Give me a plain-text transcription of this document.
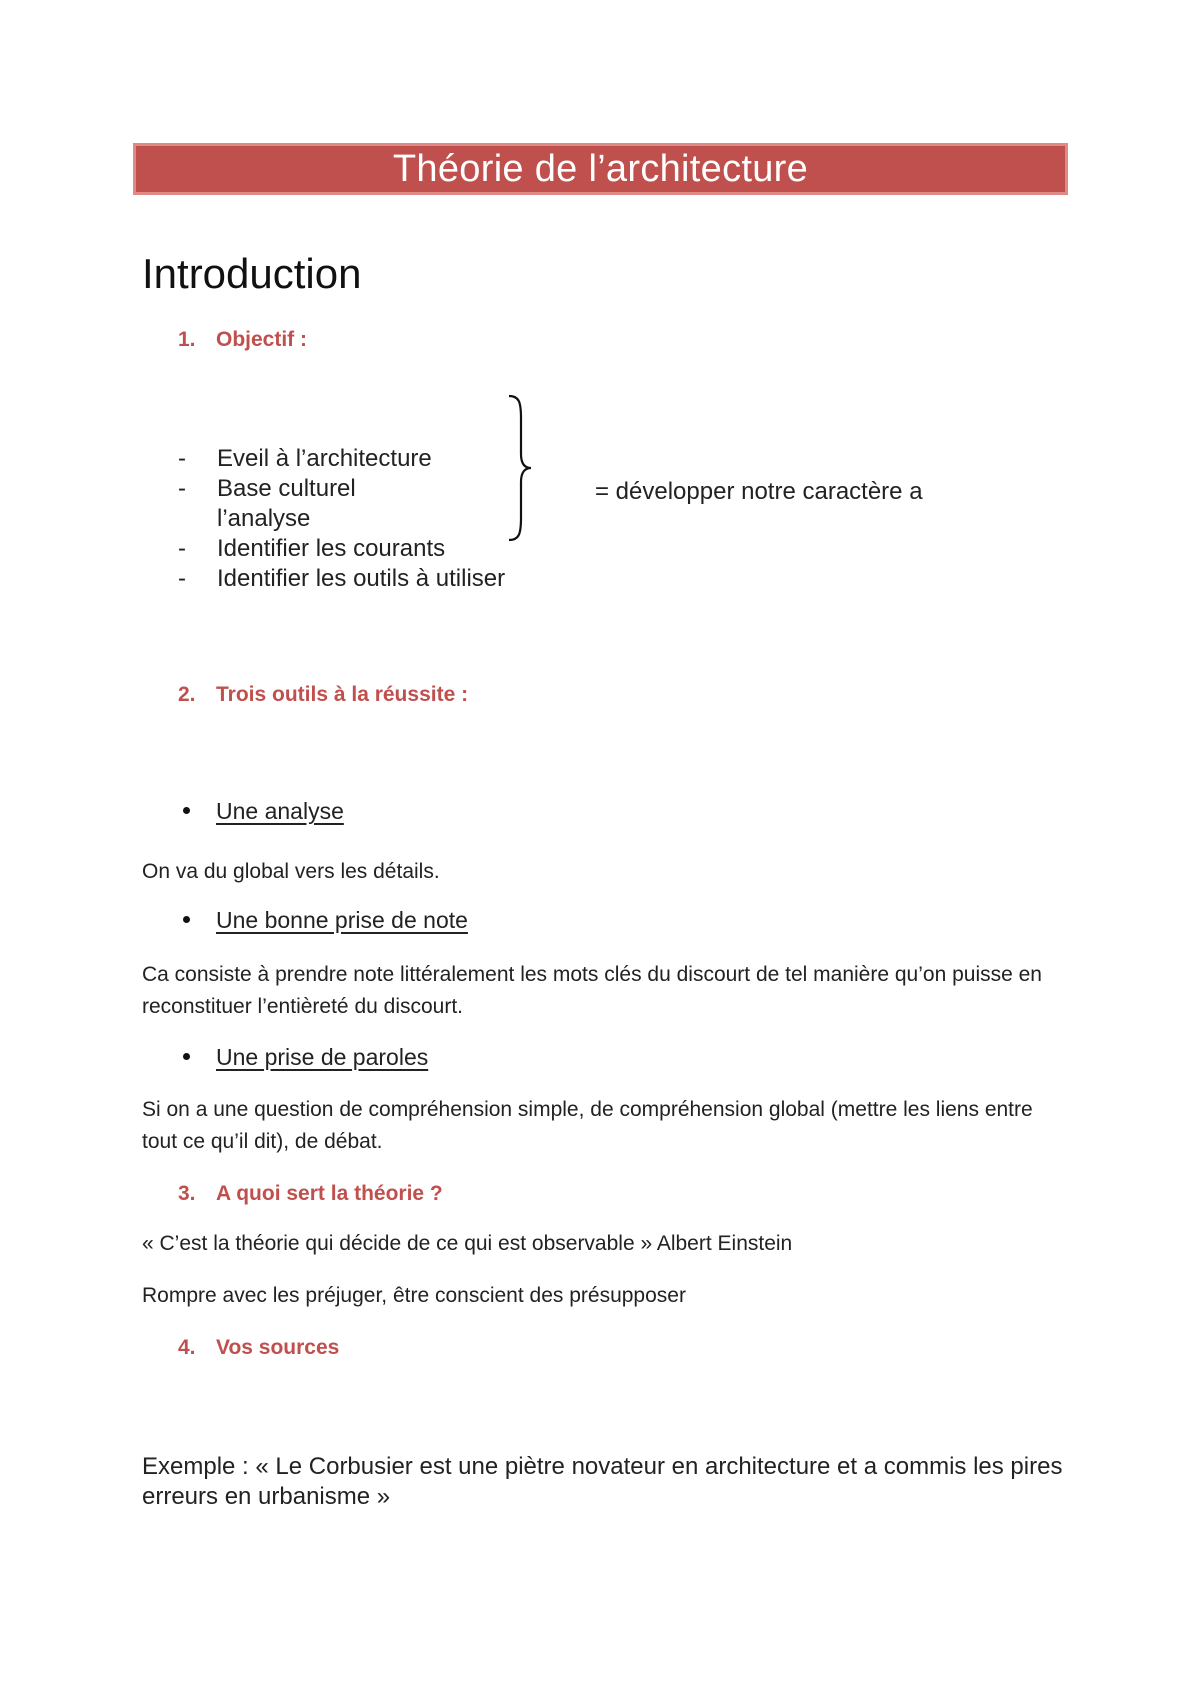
Théorie de l’architecture
Introduction
1. Objectif :
- Eveil à l’architecture
- Base culturel
l’analyse
- Identifier les courants
- Identifier les outils à utiliser
= développer notre caractère a
2. Trois outils à la réussite :
Une analyse
On va du global vers les détails.
Une bonne prise de note
Ca consiste à prendre note littéralement les mots clés du discourt de tel manière qu’on puisse en reconstituer l’entièreté du discourt.
Une prise de paroles
Si on a une question de compréhension simple, de compréhension global (mettre les liens entre tout ce qu’il dit), de débat.
3. A quoi sert la théorie ?
« C’est la théorie qui décide de ce qui est observable » Albert Einstein
Rompre avec les préjuger, être conscient des présupposer
4. Vos sources
Exemple : « Le Corbusier est une piètre novateur en architecture et a commis les pires erreurs en urbanisme »
